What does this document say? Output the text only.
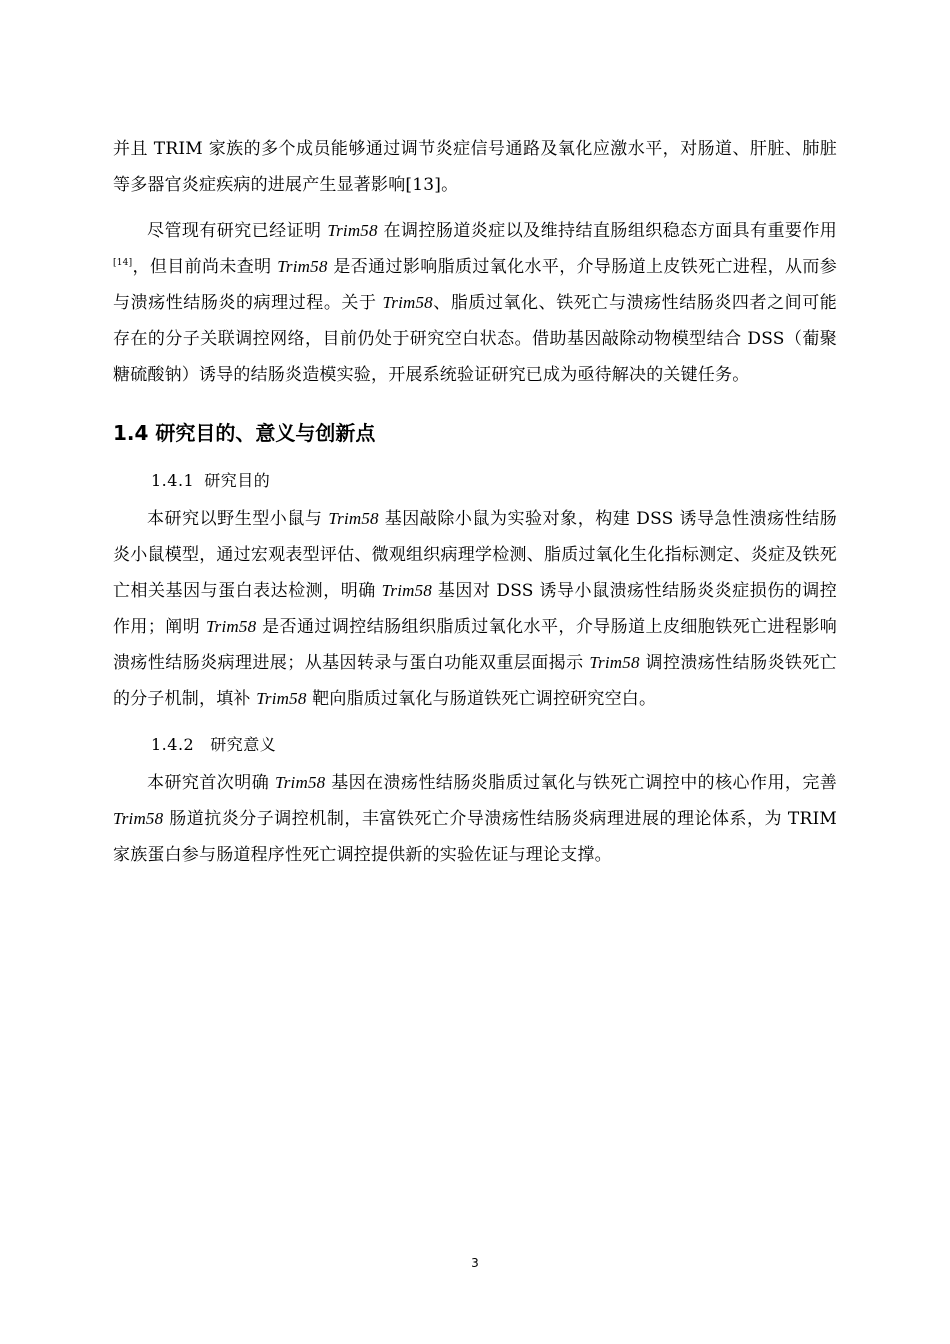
并且 TRIM 家族的多个成员能够通过调节炎症信号通路及氧化应激水平，对肠道、肝脏、肺脏等多器官炎症疾病的进展产生显著影响[13]。

尽管现有研究已经证明 Trim58 在调控肠道炎症以及维持结直肠组织稳态方面具有重要作用[14]，但目前尚未查明 Trim58 是否通过影响脂质过氧化水平，介导肠道上皮铁死亡进程，从而参与溃疡性结肠炎的病理过程。关于 Trim58、脂质过氧化、铁死亡与溃疡性结肠炎四者之间可能存在的分子关联调控网络，目前仍处于研究空白状态。借助基因敲除动物模型结合 DSS（葡聚糖硫酸钠）诱导的结肠炎造模实验，开展系统验证研究已成为亟待解决的关键任务。

1.4 研究目的、意义与创新点
1.4.1 研究目的

本研究以野生型小鼠与 Trim58 基因敲除小鼠为实验对象，构建 DSS 诱导急性溃疡性结肠炎小鼠模型，通过宏观表型评估、微观组织病理学检测、脂质过氧化生化指标测定、炎症及铁死亡相关基因与蛋白表达检测，明确 Trim58 基因对 DSS 诱导小鼠溃疡性结肠炎炎症损伤的调控作用；阐明 Trim58 是否通过调控结肠组织脂质过氧化水平，介导肠道上皮细胞铁死亡进程影响溃疡性结肠炎病理进展；从基因转录与蛋白功能双重层面揭示 Trim58 调控溃疡性结肠炎铁死亡的分子机制，填补 Trim58 靶向脂质过氧化与肠道铁死亡调控研究空白。

1.4.2 研究意义

本研究首次明确 Trim58 基因在溃疡性结肠炎脂质过氧化与铁死亡调控中的核心作用，完善 Trim58 肠道抗炎分子调控机制，丰富铁死亡介导溃疡性结肠炎病理进展的理论体系，为 TRIM 家族蛋白参与肠道程序性死亡调控提供新的实验佐证与理论支撑。

3
